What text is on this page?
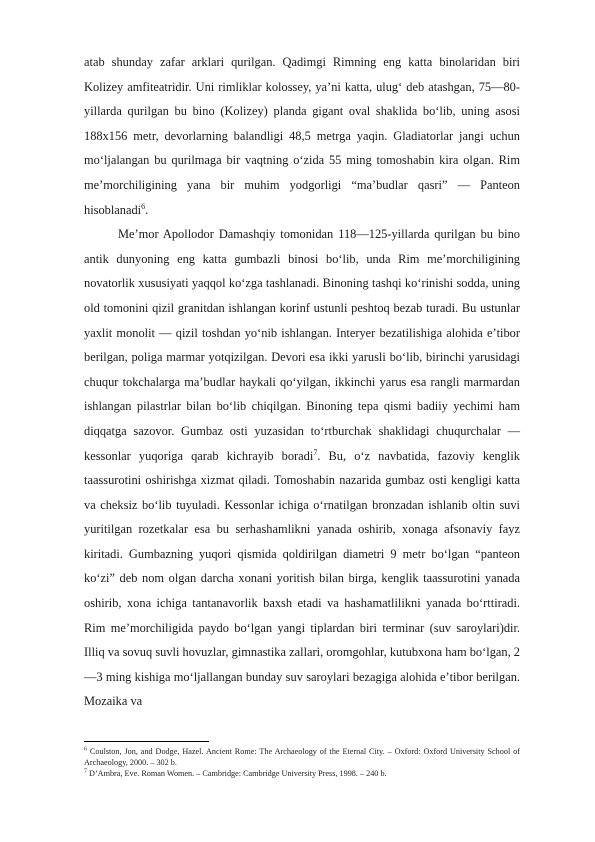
atab shunday zafar arklari qurilgan. Qadimgi Rimning eng katta binolaridan biri Kolizey amfiteatridir. Uni rimliklar kolossey, yaʼni katta, ulugʻ deb atashgan, 75—80-yillarda qurilgan bu bino (Kolizey) planda gigant oval shaklida boʻlib, uning asosi 188x156 metr, devorlarning balandligi 48,5 metrga yaqin. Gladiatorlar jangi uchun moʻljalangan bu qurilmaga bir vaqtning oʻzida 55 ming tomoshabin kira olgan. Rim meʼmorchiligining yana bir muhim yodgorligi “maʼbudlar qasri” — Panteon hisoblanadi$^6$.

Meʼmor Apollodor Damashqiy tomonidan 118—125-yillarda qurilgan bu bino antik dunyoning eng katta gumbazli binosi boʻlib, unda Rim meʼmorchiligining novatorlik xususiyati yaqqol koʻzga tashlanadi. Binoning tashqi koʻrinishi sodda, uning old tomonini qizil granitdan ishlangan korinf ustunli peshtoq bezab turadi. Bu ustunlar yaxlit monolit — qizil toshdan yoʻnib ishlangan. Interyer bezatilishiga alohida eʼtibor berilgan, poliga marmar yotqizilgan. Devori esa ikki yarusli boʻlib, birinchi yarusidagi chuqur tokchalarga maʼbudlar haykali qoʻyilgan, ikkinchi yarus esa rangli marmardan ishlangan pilastrlar bilan boʻlib chiqilgan. Binoning tepa qismi badiiy yechimi ham diqqatga sazovor. Gumbaz osti yuzasidan toʻrtburchak shaklidagi chuqurchalar — kessonlar yuqoriga qarab kichrayib boradi$^7$. Bu, oʻz navbatida, fazoviy kenglik taassurotini oshirishga xizmat qiladi. Tomoshabin nazarida gumbaz osti kengligi katta va cheksiz boʻlib tuyuladi. Kessonlar ichiga oʻrnatilgan bronzadan ishlanib oltin suvi yuritilgan rozetkalar esa bu serhashamlikni yanada oshirib, xonaga afsonaviy fayz kiritadi. Gumbazning yuqori qismida qoldirilgan diametri 9 metr boʻlgan “panteon koʻzi” deb nom olgan darcha xonani yoritish bilan birga, kenglik taassurotini yanada oshirib, xona ichiga tantanavorlik baxsh etadi va hashamatlilikni yanada boʻrttiradi. Rim meʼmorchiligida paydo boʻlgan yangi tiplardan biri terminar (suv saroylari)dir. Illiq va sovuq suvli hovuzlar, gimnastika zallari, oromgohlar, kutubxona ham boʻlgan, 2—3 ming kishiga moʻljallangan bunday suv saroylari bezagiga alohida eʼtibor berilgan. Mozaika va

$^6$ Coulston, Jon, and Dodge, Hazel. Ancient Rome: The Archaeology of the Eternal City. – Oxford: Oxford University School of Archaeology, 2000. – 302 b.

$^7$ D’Ambra, Eve. Roman Women. – Cambridge: Cambridge University Press, 1998. – 240 b.
